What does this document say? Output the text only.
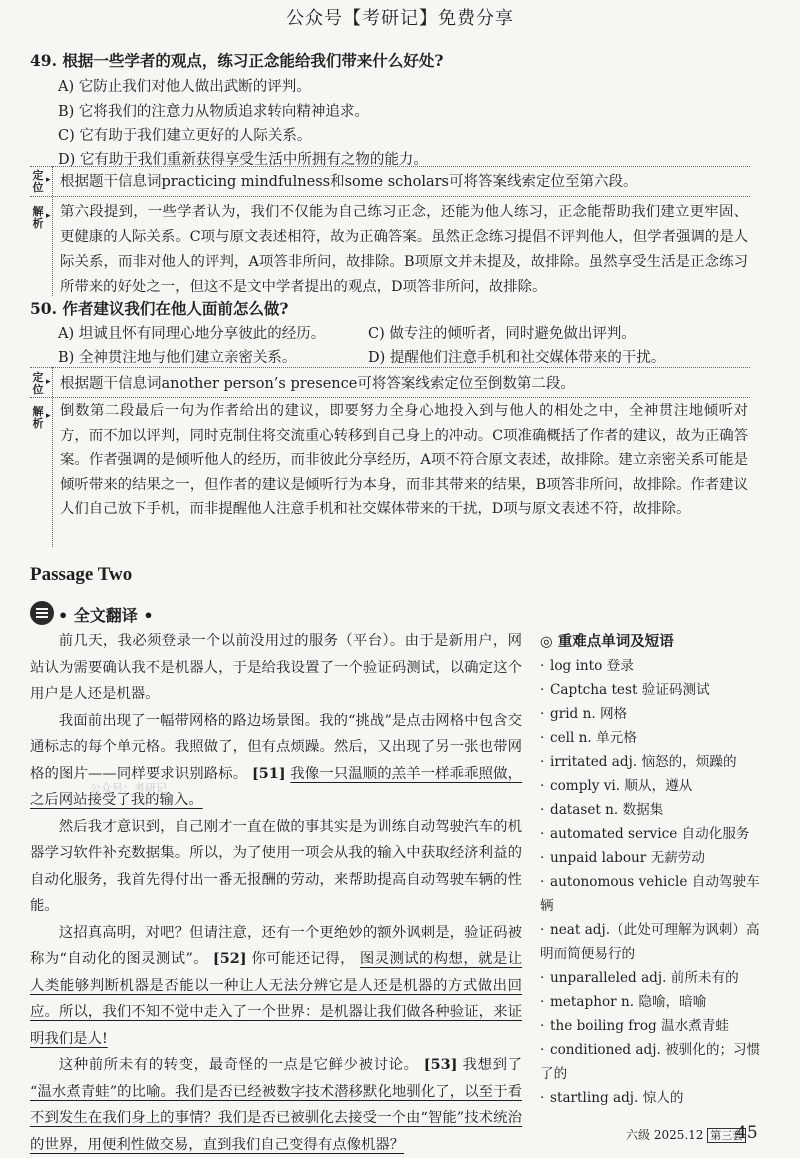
公众号【考研记】免费分享
49. 根据一些学者的观点，练习正念能给我们带来什么好处?
A) 它防止我们对他人做出武断的评判。
B) 它将我们的注意力从物质追求转向精神追求。
C) 它有助于我们建立更好的人际关系。
D) 它有助于我们重新获得享受生活中所拥有之物的能力。
定位
▸ 根据题干信息词practicing mindfulness和some scholars可将答案线索定位至第六段。
解析
▸ 第六段提到，一些学者认为，我们不仅能为自己练习正念，还能为他人练习，正念能帮助我们建立更牢固、更健康的人际关系。C项与原文表述相符，故为正确答案。虽然正念练习提倡不评判他人，但学者强调的是人际关系，而非对他人的评判，A项答非所问，故排除。B项原文并未提及，故排除。虽然享受生活是正念练习所带来的好处之一，但这不是文中学者提出的观点，D项答非所问，故排除。
50. 作者建议我们在他人面前怎么做?
A) 坦诚且怀有同理心地分享彼此的经历。	C) 做专注的倾听者，同时避免做出评判。
B) 全神贯注地与他们建立亲密关系。	D) 提醒他们注意手机和社交媒体带来的干扰。
定位
▸ 根据题干信息词another person’s presence可将答案线索定位至倒数第二段。
解析
▸ 倒数第二段最后一句为作者给出的建议，即要努力全身心地投入到与他人的相处之中，全神贯注地倾听对方，而不加以评判，同时克制住将交流重心转移到自己身上的冲动。C项准确概括了作者的建议，故为正确答案。作者强调的是倾听他人的经历，而非彼此分享经历，A项不符合原文表述，故排除。建立亲密关系可能是倾听带来的结果之一，但作者的建议是倾听行为本身，而非其带来的结果，B项答非所问，故排除。作者建议人们自己放下手机，而非提醒他人注意手机和社交媒体带来的干扰，D项与原文表述不符，故排除。
Passage Two
• 全文翻译 •
前几天，我必须登录一个以前没用过的服务（平台）。由于是新用户，网站认为需要确认我不是机器人，于是给我设置了一个验证码测试，以确定这个用户是人还是机器。
我面前出现了一幅带网格的路边场景图。我的“挑战”是点击网格中包含交通标志的每个单元格。我照做了，但有点烦躁。然后，又出现了另一张也带网格的图片——同样要求识别路标。 [51] 我像一只温顺的羔羊一样乖乖照做，之后网站接受了我的输入。
然后我才意识到，自己刚才一直在做的事其实是为训练自动驾驶汽车的机器学习软件补充数据集。所以，为了使用一项会从我的输入中获取经济利益的自动化服务，我首先得付出一番无报酬的劳动，来帮助提高自动驾驶车辆的性能。
这招真高明，对吧？但请注意，还有一个更绝妙的额外讽刺是，验证码被称为“自动化的图灵测试”。 [52] 你可能还记得， 图灵测试的构想，就是让人类能够判断机器是否能以一种让人无法分辨它是人还是机器的方式做出回应。所以，我们不知不觉中走入了一个世界：是机器让我们做各种验证，来证明我们是人!
这种前所未有的转变，最奇怪的一点是它鲜少被讨论。 [53] 我想到了 “温水煮青蛙”的比喻。我们是否已经被数字技术潜移默化地驯化了，以至于看不到发生在我们身上的事情？我们是否已被驯化去接受一个由“智能”技术统治的世界，用便利性做交易，直到我们自己变得有点像机器？
公众号：考研记
◎ 重难点单词及短语
· log into 登录
· Captcha test 验证码测试
· grid n. 网格
· cell n. 单元格
· irritated adj. 恼怒的，烦躁的
· comply vi. 顺从，遵从
· dataset n. 数据集
· automated service 自动化服务
· unpaid labour 无薪劳动
· autonomous vehicle 自动驾驶车辆
· neat adj.（此处可理解为讽刺）高明而简便易行的
· unparalleled adj. 前所未有的
· metaphor n. 隐喻，暗喻
· the boiling frog 温水煮青蛙
· conditioned adj. 被驯化的；习惯了的
· startling adj. 惊人的
六级 2025.12 第三套
45
